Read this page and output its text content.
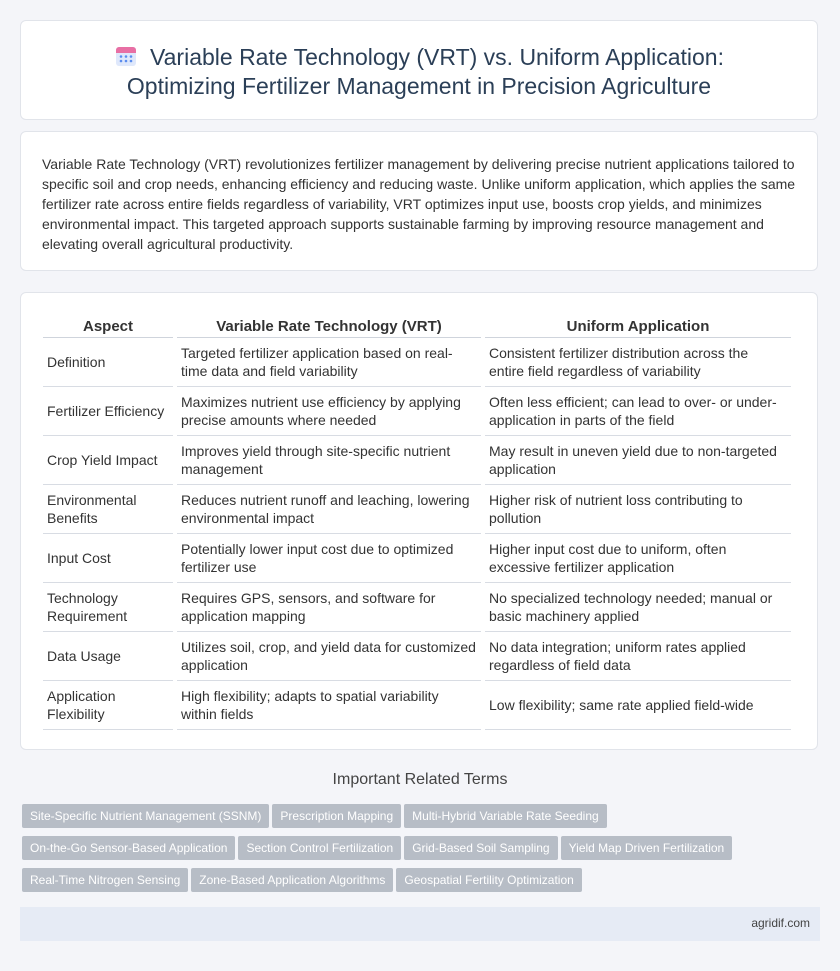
Variable Rate Technology (VRT) vs. Uniform Application:
Optimizing Fertilizer Management in Precision Agriculture

Variable Rate Technology (VRT) revolutionizes fertilizer management by delivering precise nutrient applications tailored to specific soil and crop needs, enhancing efficiency and reducing waste. Unlike uniform application, which applies the same fertilizer rate across entire fields regardless of variability, VRT optimizes input use, boosts crop yields, and minimizes environmental impact. This targeted approach supports sustainable farming by improving resource management and elevating overall agricultural productivity.

Aspect	Variable Rate Technology (VRT)	Uniform Application
Definition	Targeted fertilizer application based on real-time data and field variability	Consistent fertilizer distribution across the entire field regardless of variability
Fertilizer Efficiency	Maximizes nutrient use efficiency by applying precise amounts where needed	Often less efficient; can lead to over- or under-application in parts of the field
Crop Yield Impact	Improves yield through site-specific nutrient management	May result in uneven yield due to non-targeted application
Environmental Benefits	Reduces nutrient runoff and leaching, lowering environmental impact	Higher risk of nutrient loss contributing to pollution
Input Cost	Potentially lower input cost due to optimized fertilizer use	Higher input cost due to uniform, often excessive fertilizer application
Technology Requirement	Requires GPS, sensors, and software for application mapping	No specialized technology needed; manual or basic machinery applied
Data Usage	Utilizes soil, crop, and yield data for customized application	No data integration; uniform rates applied regardless of field data
Application Flexibility	High flexibility; adapts to spatial variability within fields	Low flexibility; same rate applied field-wide
Important Related Terms
Site-Specific Nutrient Management (SSNM) Prescription Mapping Multi-Hybrid Variable Rate Seeding
On-the-Go Sensor-Based Application Section Control Fertilization Grid-Based Soil Sampling Yield Map Driven Fertilization
Real-Time Nitrogen Sensing Zone-Based Application Algorithms Geospatial Fertility Optimization
agridif.com
